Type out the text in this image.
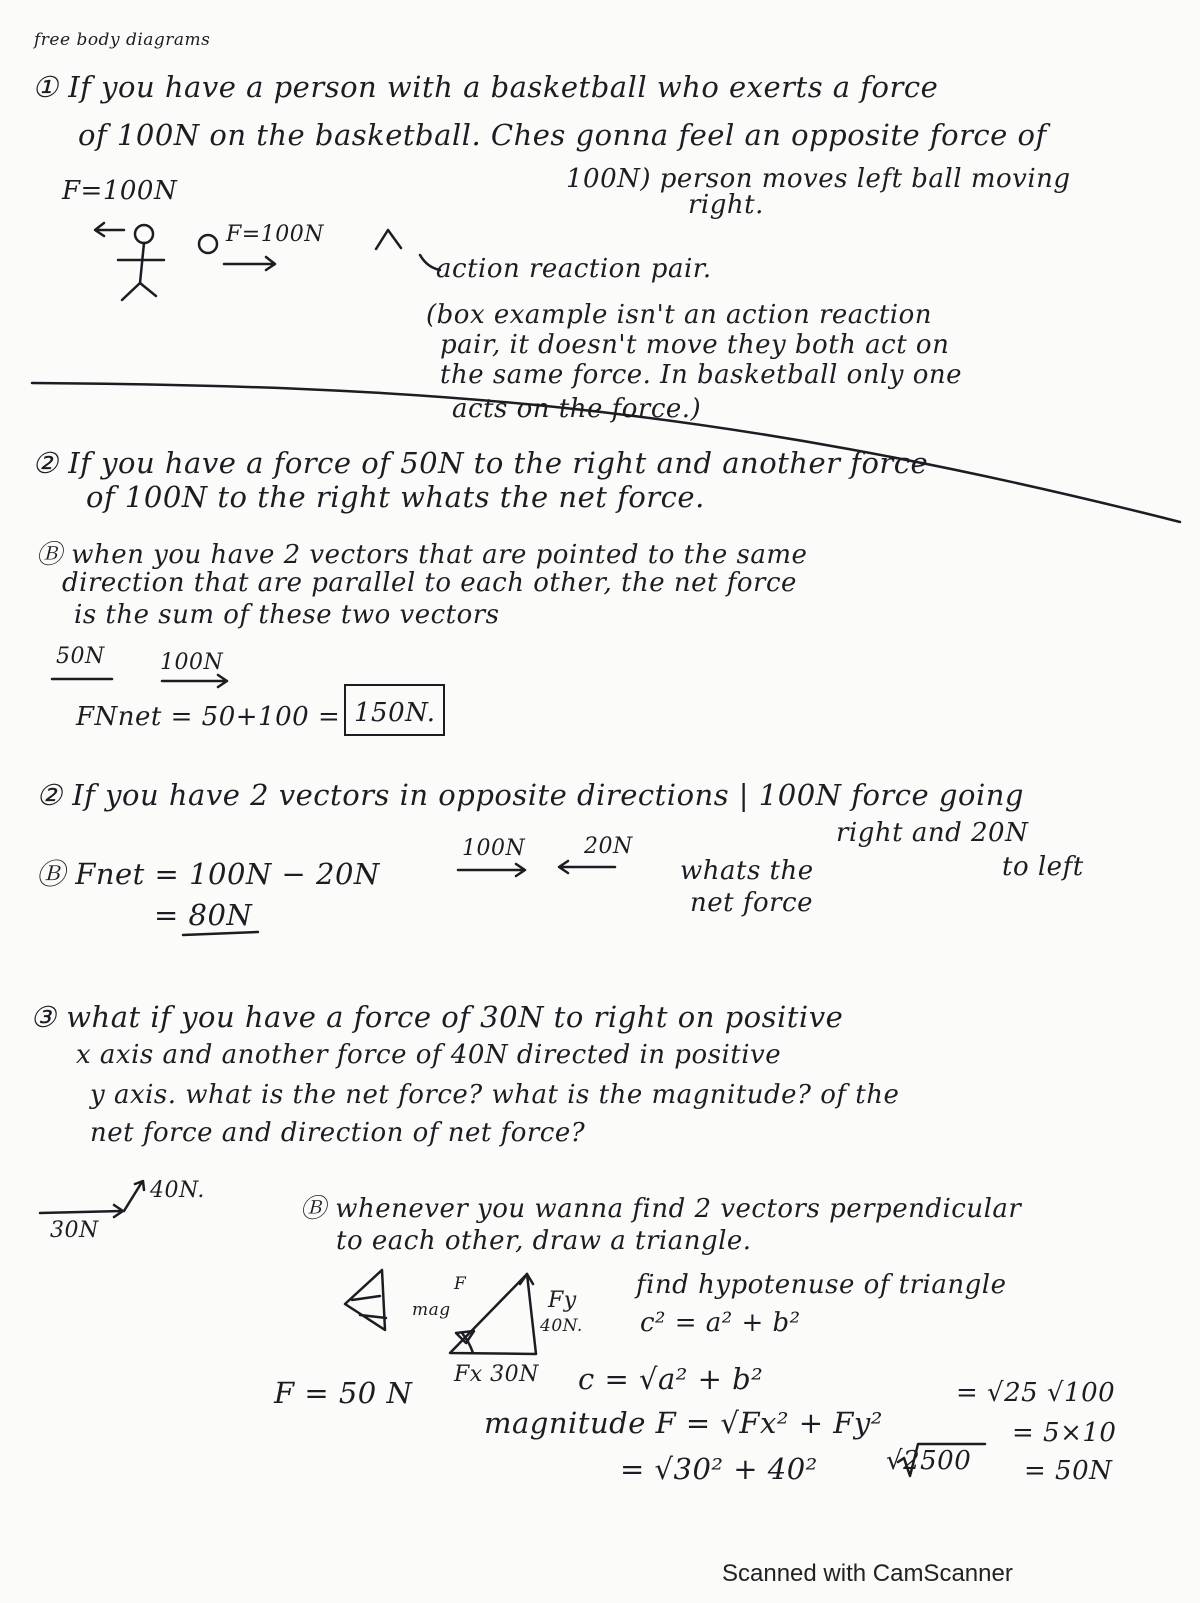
free body diagrams
① If you have a person with a basketball who exerts a force
of 100N on the basketball. Ches gonna feel an opposite force of
100N) person moves left ball moving
right.
F=100N
F=100N
action reaction pair.
(box example isn't an action reaction
pair, it doesn't move they both act on
the same force. In basketball only one
acts on the force.)
② If you have a force of 50N to the right and another force
of 100N to the right whats the net force.
Ⓑ when you have 2 vectors that are pointed to the same
direction that are parallel to each other, the net force
is the sum of these two vectors
50N	100N
FNnet = 50+100 = 150N.
② If you have 2 vectors in opposite directions | 100N force going
right and 20N
to left
100N	20N
whats the
net force
Ⓑ Fnet = 100N − 20N
= 80N
③ what if you have a force of 30N to right on positive
x axis and another force of 40N directed in positive
y axis. what is the net force? what is the magnitude? of the
net force and direction of net force?
40N.
30N
Ⓑ whenever you wanna find 2 vectors perpendicular
to each other, draw a triangle.
F
mag	Fy
40N.
Fx 30N
find hypotenuse of triangle
c² = a² + b²
c = √a² + b²
F = 50 N
magnitude F = √Fx² + Fy²
= √30² + 40²	√2500
= √25 √100
= 5×10
= 50N
Scanned with CamScanner
